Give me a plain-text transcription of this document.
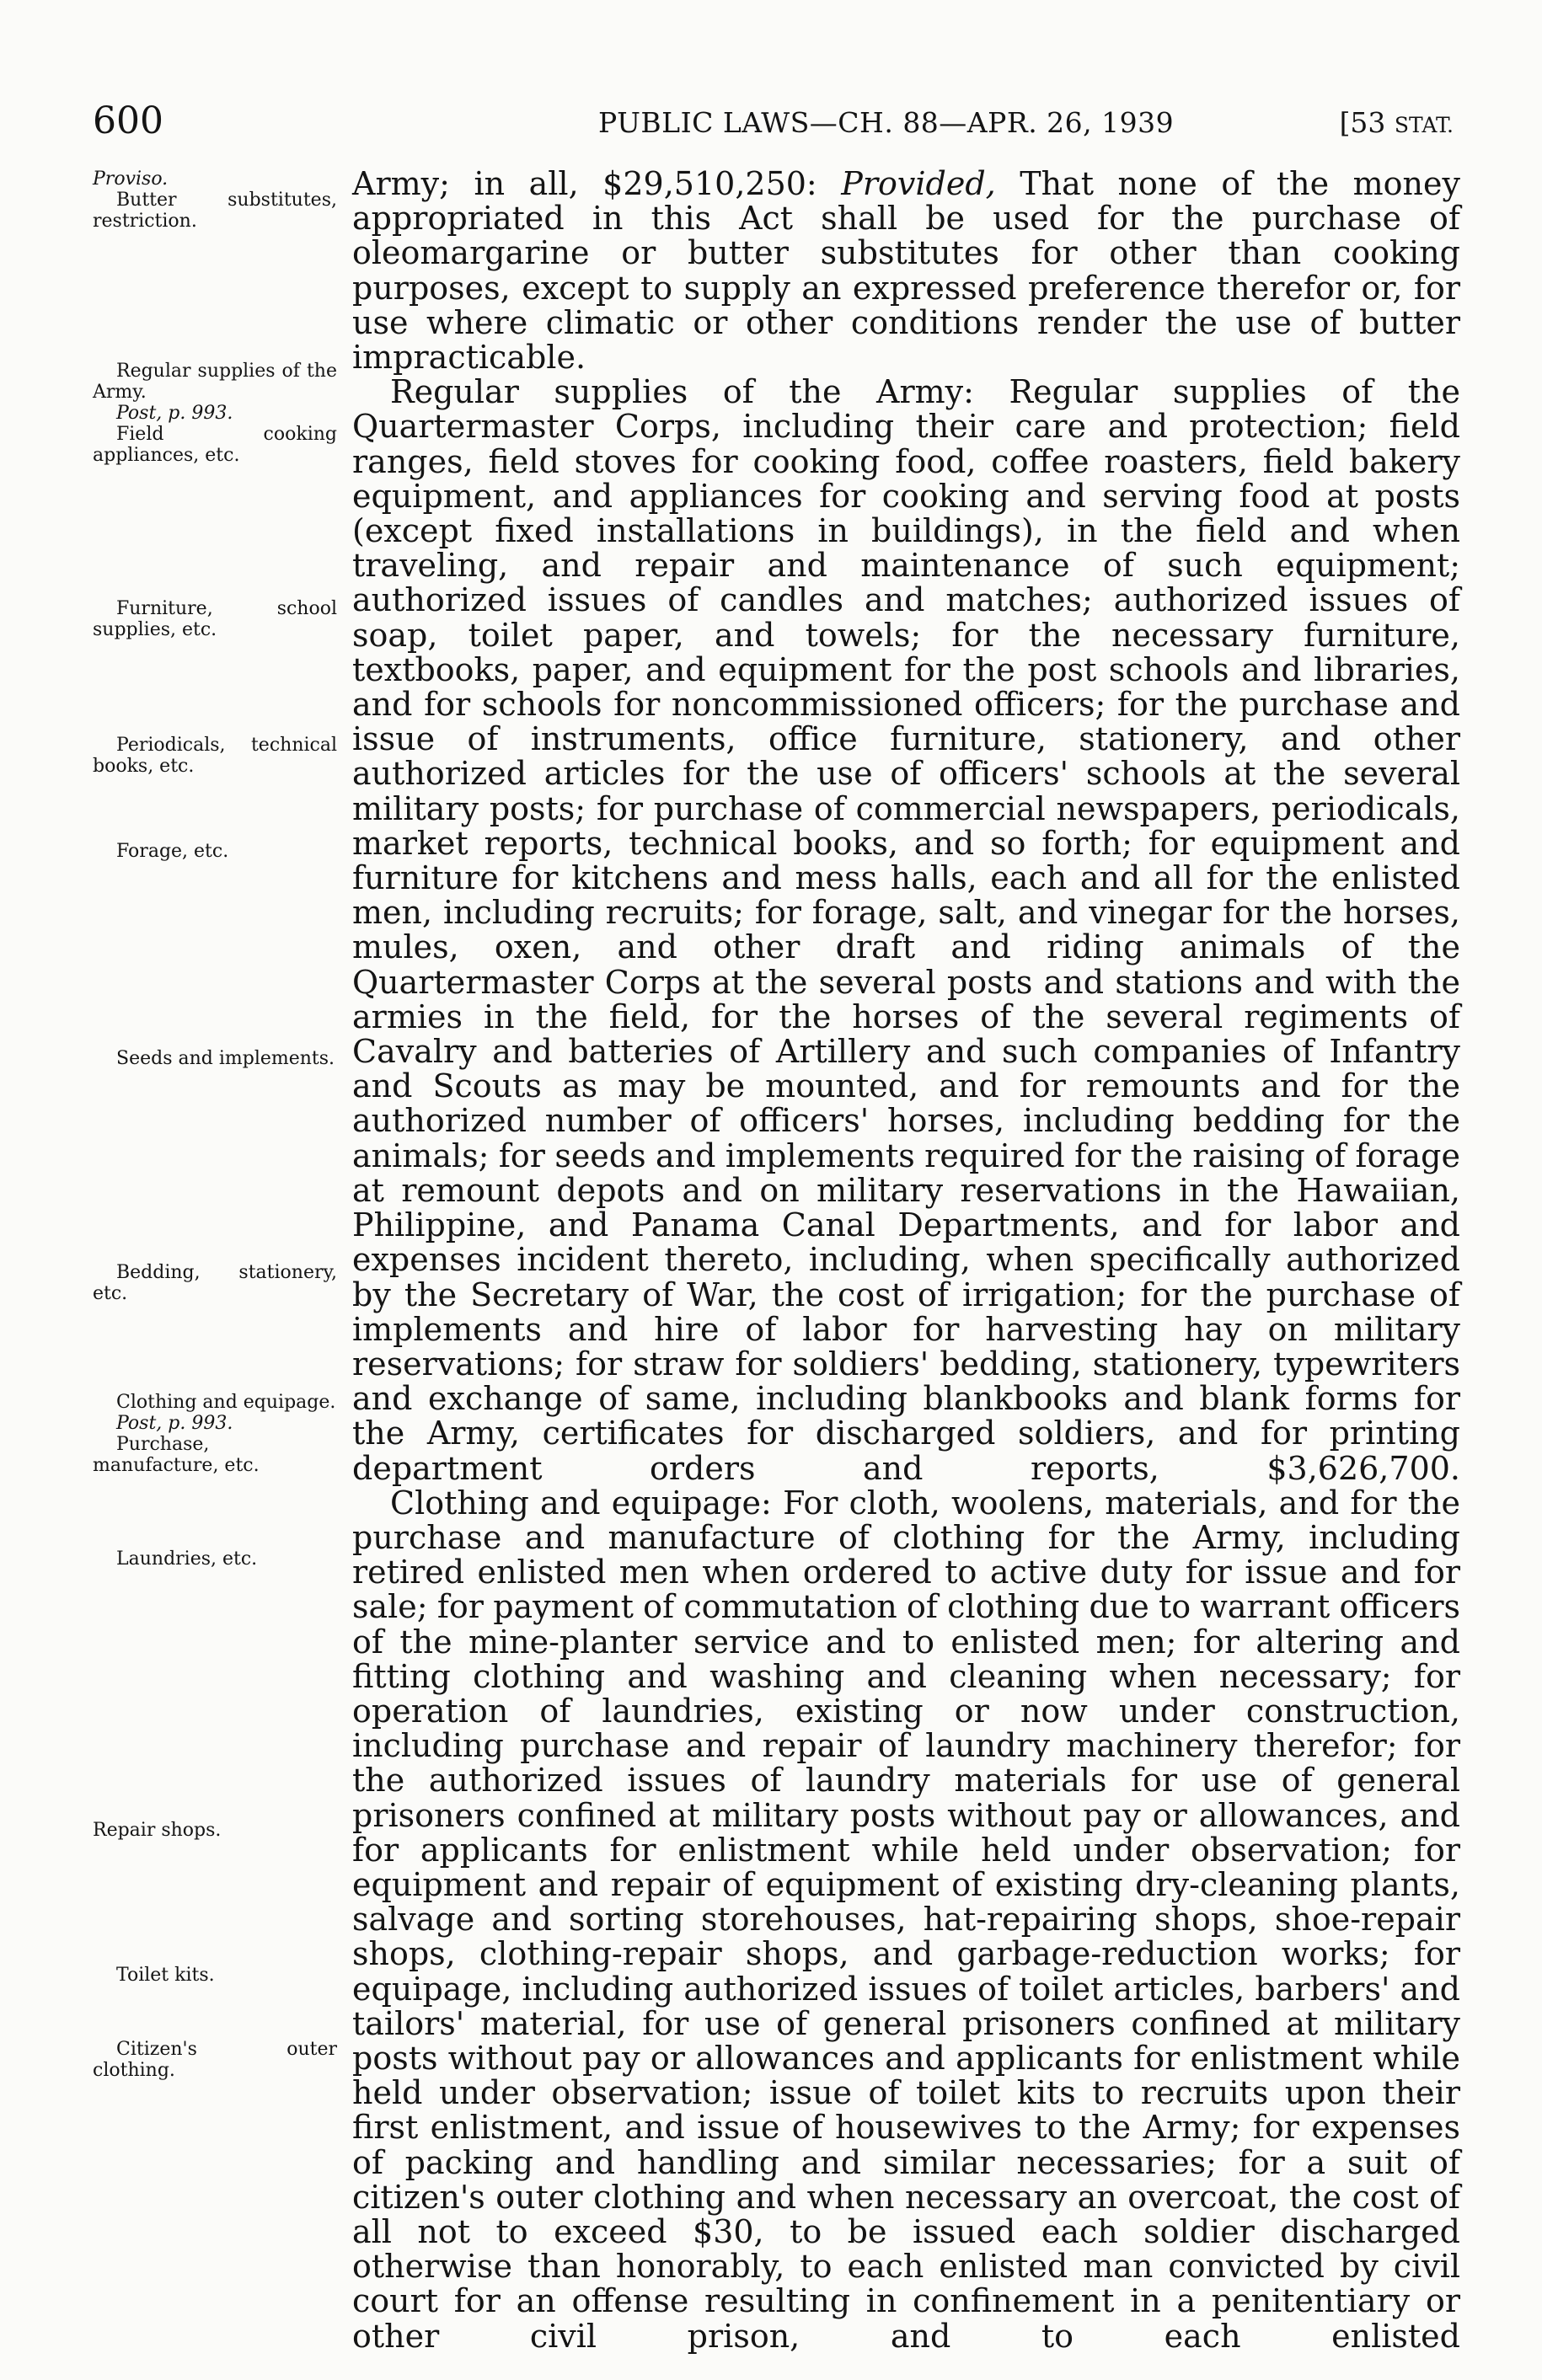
600	PUBLIC LAWS—CH. 88—APR. 26, 1939	[53 STAT.
Proviso.
Butter substitutes, restriction.
Regular supplies of the Army.
Post, p. 993.
Field cooking appliances, etc.
Furniture, school supplies, etc.
Periodicals, technical books, etc.
Forage, etc.
Seeds and implements.
Bedding, stationery, etc.
Clothing and equipage.
Post, p. 993.
Purchase, manufacture, etc.
Laundries, etc.
Repair shops.
Toilet kits.
Citizen's outer clothing.

Army; in all, $29,510,250: Provided, That none of the money appropriated in this Act shall be used for the purchase of oleomargarine or butter substitutes for other than cooking purposes, except to supply an expressed preference therefor or, for use where climatic or other conditions render the use of butter impracticable.

Regular supplies of the Army: Regular supplies of the Quartermaster Corps, including their care and protection; field ranges, field stoves for cooking food, coffee roasters, field bakery equipment, and appliances for cooking and serving food at posts (except fixed installations in buildings), in the field and when traveling, and repair and maintenance of such equipment; authorized issues of candles and matches; authorized issues of soap, toilet paper, and towels; for the necessary furniture, textbooks, paper, and equipment for the post schools and libraries, and for schools for noncommissioned officers; for the purchase and issue of instruments, office furniture, stationery, and other authorized articles for the use of officers' schools at the several military posts; for purchase of commercial newspapers, periodicals, market reports, technical books, and so forth; for equipment and furniture for kitchens and mess halls, each and all for the enlisted men, including recruits; for forage, salt, and vinegar for the horses, mules, oxen, and other draft and riding animals of the Quartermaster Corps at the several posts and stations and with the armies in the field, for the horses of the several regiments of Cavalry and batteries of Artillery and such companies of Infantry and Scouts as may be mounted, and for remounts and for the authorized number of officers' horses, including bedding for the animals; for seeds and implements required for the raising of forage at remount depots and on military reservations in the Hawaiian, Philippine, and Panama Canal Departments, and for labor and expenses incident thereto, including, when specifically authorized by the Secretary of War, the cost of irrigation; for the purchase of implements and hire of labor for harvesting hay on military reservations; for straw for soldiers' bedding, stationery, typewriters and exchange of same, including blankbooks and blank forms for the Army, certificates for discharged soldiers, and for printing department orders and reports, $3,626,700.

Clothing and equipage: For cloth, woolens, materials, and for the purchase and manufacture of clothing for the Army, including retired enlisted men when ordered to active duty for issue and for sale; for payment of commutation of clothing due to warrant officers of the mine-planter service and to enlisted men; for altering and fitting clothing and washing and cleaning when necessary; for operation of laundries, existing or now under construction, including purchase and repair of laundry machinery therefor; for the authorized issues of laundry materials for use of general prisoners confined at military posts without pay or allowances, and for applicants for enlistment while held under observation; for equipment and repair of equipment of existing dry-cleaning plants, salvage and sorting storehouses, hat-repairing shops, shoe-repair shops, clothing-repair shops, and garbage-reduction works; for equipage, including authorized issues of toilet articles, barbers' and tailors' material, for use of general prisoners confined at military posts without pay or allowances and applicants for enlistment while held under observation; issue of toilet kits to recruits upon their first enlistment, and issue of housewives to the Army; for expenses of packing and handling and similar necessaries; for a suit of citizen's outer clothing and when necessary an overcoat, the cost of all not to exceed $30, to be issued each soldier discharged otherwise than honorably, to each enlisted man convicted by civil court for an offense resulting in confinement in a penitentiary or other civil prison, and to each enlisted
